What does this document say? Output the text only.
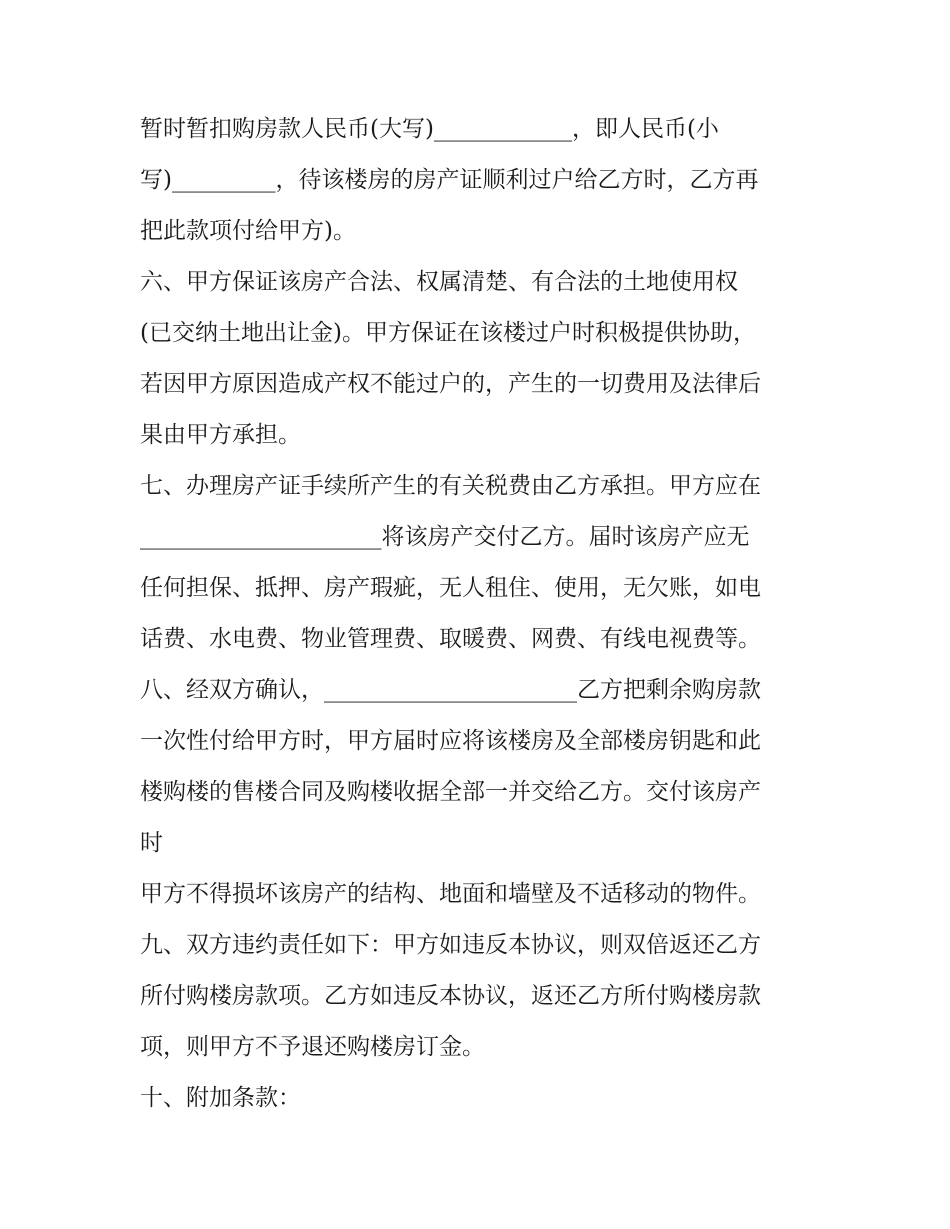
暂时暂扣购房款人民币(大写)____________，即人民币(小
写)_________，待该楼房的房产证顺利过户给乙方时，乙方再
把此款项付给甲方)。
六、甲方保证该房产合法、权属清楚、有合法的土地使用权
(已交纳土地出让金)。甲方保证在该楼过户时积极提供协助，
若因甲方原因造成产权不能过户的，产生的一切费用及法律后
果由甲方承担。
七、办理房产证手续所产生的有关税费由乙方承担。甲方应在
_____________________将该房产交付乙方。届时该房产应无
任何担保、抵押、房产瑕疵，无人租住、使用，无欠账，如电
话费、水电费、物业管理费、取暖费、网费、有线电视费等。
八、经双方确认，______________________乙方把剩余购房款
一次性付给甲方时，甲方届时应将该楼房及全部楼房钥匙和此
楼购楼的售楼合同及购楼收据全部一并交给乙方。交付该房产
时
甲方不得损坏该房产的结构、地面和墙壁及不适移动的物件。
九、双方违约责任如下：甲方如违反本协议，则双倍返还乙方
所付购楼房款项。乙方如违反本协议，返还乙方所付购楼房款
项，则甲方不予退还购楼房订金。
十、附加条款：
